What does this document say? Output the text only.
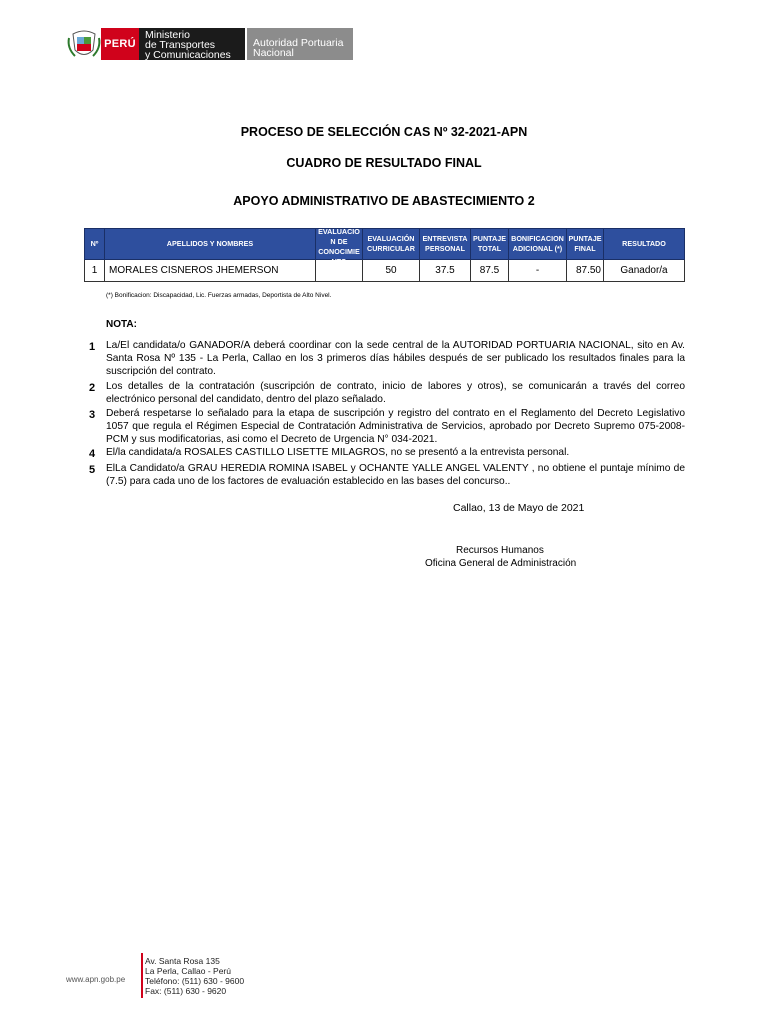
PERÚ
Ministerio
de Transportes
y Comunicaciones
Autoridad Portuaria
Nacional
PROCESO DE SELECCIÓN CAS Nº 32-2021-APN
CUADRO DE RESULTADO FINAL
APOYO ADMINISTRATIVO DE ABASTECIMIENTO 2
Nº	APELLIDOS Y NOMBRES	EVALUACIO N DE CONOCIMIE NTO	EVALUACIÓN CURRICULAR	ENTREVISTA PERSONAL	PUNTAJE TOTAL	BONIFICACION ADICIONAL (*)	PUNTAJE FINAL	RESULTADO

1	MORALES CISNEROS JHEMERSON		50	37.5	87.5	-	87.50	Ganador/a
(*) Bonificacion: Discapacidad, Lic. Fuerzas armadas, Deportista de Alto Nivel.
NOTA:
1	La/El candidata/o GANADOR/A deberá coordinar con la sede central de la AUTORIDAD PORTUARIA NACIONAL, sito en Av. Santa Rosa Nº 135 - La Perla, Callao en los 3 primeros días hábiles después de ser publicado los resultados finales para la suscripción del contrato.
2	Los detalles de la contratación (suscripción de contrato, inicio de labores y otros), se comunicarán a través del correo electrónico personal del candidato, dentro del plazo señalado.
3	Deberá respetarse lo señalado para la etapa de suscripción y registro del contrato en el Reglamento del Decreto Legislativo 1057 que regula el Régimen Especial de Contratación Administrativa de Servicios, aprobado por Decreto Supremo 075-2008-PCM y sus modificatorias, asi como el Decreto de Urgencia N° 034-2021.
4	El/la candidata/a ROSALES CASTILLO LISETTE MILAGROS, no se presentó a la entrevista personal.
5	ElLa Candidato/a GRAU HEREDIA ROMINA ISABEL y OCHANTE YALLE ANGEL VALENTY , no obtiene el puntaje mínimo de (7.5) para cada uno de los factores de evaluación establecido en las bases del concurso..
Callao, 13 de Mayo de 2021
Recursos Humanos
Oficina General de Administración
www.apn.gob.pe
Av. Santa Rosa 135
La Perla, Callao - Perú
Teléfono: (511) 630 - 9600
Fax: (511) 630 - 9620
